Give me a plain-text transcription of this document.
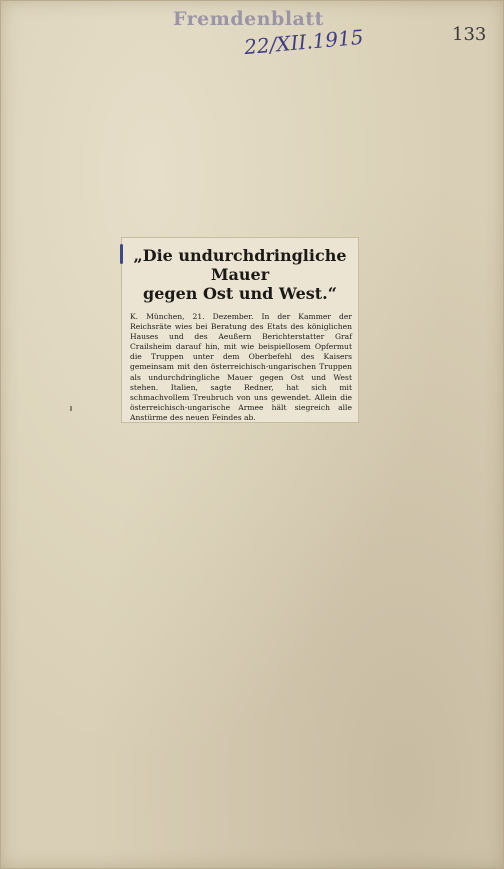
Fremdenblatt
22/XII.1915	133

„Die undurchdringliche Mauer
gegen Ost und West.“

K. München, 21. Dezember. In der Kammer der Reichsräte wies bei Beratung des Etats des königlichen Hauses und des Aeußern Berichterstatter Graf Crailsheim darauf hin, mit wie beispiellosem Opfermut die Truppen unter dem Oberbefehl des Kaisers gemeinsam mit den österreichisch-ungarischen Truppen als undurchdringliche Mauer gegen Ost und West stehen. Italien, sagte Redner, hat sich mit schmachvollem Treubruch von uns gewendet. Allein die österreichisch-ungarische Armee hält siegreich alle Anstürme des neuen Feindes ab.
